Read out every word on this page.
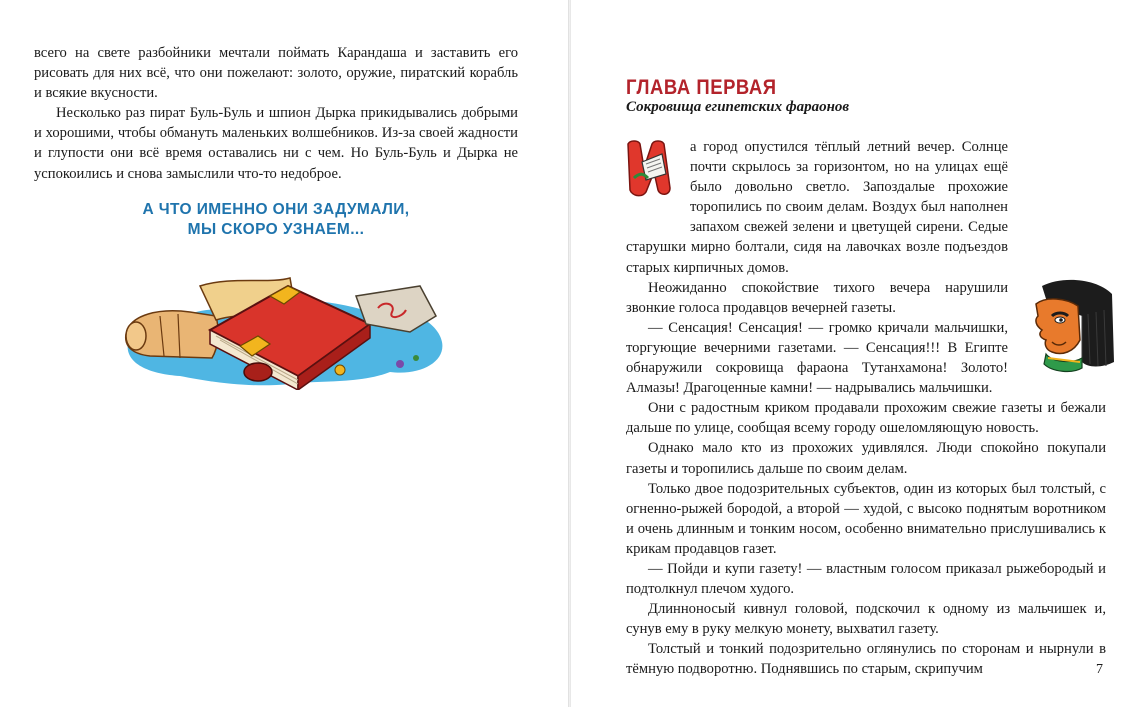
всего на свете разбойники мечтали поймать Карандаша и заставить его рисовать для них всё, что они пожелают: золото, оружие, пиратский корабль и всякие вкусности.

Несколько раз пират Буль-Буль и шпион Дырка прикидывались добрыми и хорошими, чтобы обмануть маленьких волшебников. Из-за своей жадности и глупости они всё время оставались ни с чем. Но Буль-Буль и Дырка не успокоились и снова замыслили что-то недоброе.

А ЧТО ИМЕННО ОНИ ЗАДУМАЛИ,
МЫ СКОРО УЗНАЕМ...
ГЛАВА ПЕРВАЯ
Сокровища египетских фараонов

а город опустился тёплый летний вечер. Солнце почти скрылось за горизонтом, но на улицах ещё было довольно светло. Запоздалые прохожие торопились по своим делам. Воздух был наполнен запахом свежей зелени и цветущей сирени. Седые старушки мирно болтали, сидя на лавочках возле подъездов старых кирпичных домов.

Неожиданно спокойствие тихого вечера нарушили звонкие голоса продавцов вечерней газеты.

— Сенсация! Сенсация! — громко кричали мальчишки, торгующие вечерними газетами. — Сенсация!!! В Египте обнаружили сокровища фараона Тутанхамона! Золото! Алмазы! Драгоценные камни! — надрывались мальчишки.

Они с радостным криком продавали прохожим свежие газеты и бежали дальше по улице, сообщая всему городу ошеломляющую новость.

Однако мало кто из прохожих удивлялся. Люди спокойно покупали газеты и торопились дальше по своим делам.

Только двое подозрительных субъектов, один из которых был толстый, с огненно-рыжей бородой, а второй — худой, с высоко поднятым воротником и очень длинным и тонким носом, особенно внимательно прислушивались к крикам продавцов газет.

— Пойди и купи газету! — властным голосом приказал рыжебородый и подтолкнул плечом худого.

Длинноносый кивнул головой, подскочил к одному из мальчишек и, сунув ему в руку мелкую монету, выхватил газету.

Толстый и тонкий подозрительно оглянулись по сторонам и нырнули в тёмную подворотню. Поднявшись по старым, скрипучим	7
